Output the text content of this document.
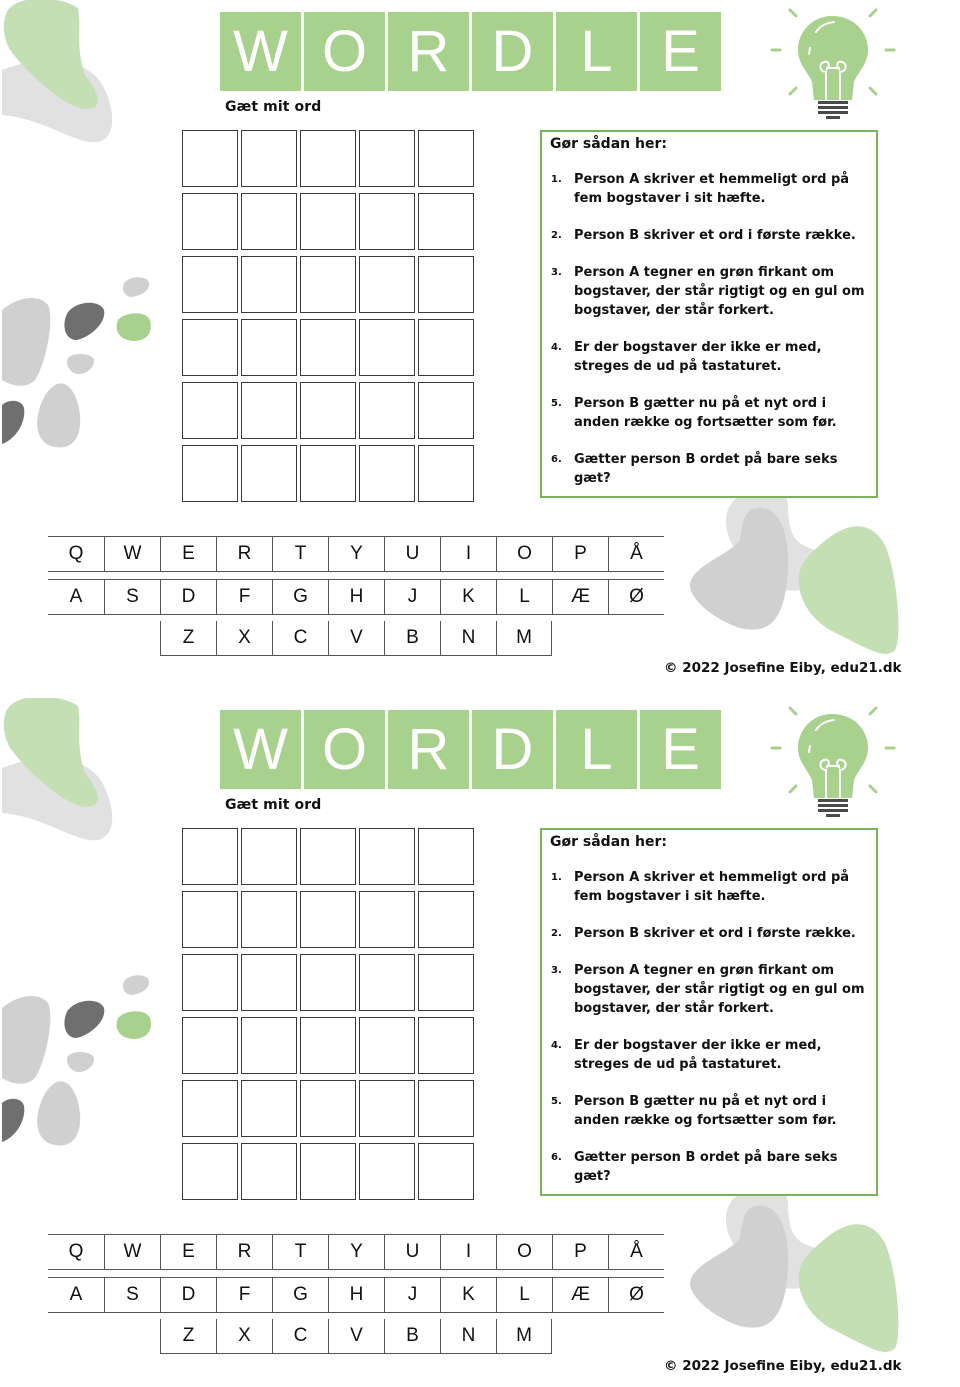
W O R D L E
Gæt mit ord
Gør sådan her:
1. Person A skriver et hemmeligt ord på fem bogstaver i sit hæfte.
2. Person B skriver et ord i første række.
3. Person A tegner en grøn firkant om bogstaver, der står rigtigt og en gul om bogstaver, der står forkert.
4. Er der bogstaver der ikke er med, streges de ud på tastaturet.
5. Person B gætter nu på et nyt ord i anden række og fortsætter som før.
6. Gætter person B ordet på bare seks gæt?
Q	W	E	R	T	Y	U	I	O	P	Å
A	S	D	F	G	H	J	K	L	Æ	Ø
Z	X	C	V	B	N	M
© 2022 Josefine Eiby, edu21.dk
W O R D L E
Gæt mit ord
Gør sådan her:
1. Person A skriver et hemmeligt ord på fem bogstaver i sit hæfte.
2. Person B skriver et ord i første række.
3. Person A tegner en grøn firkant om bogstaver, der står rigtigt og en gul om bogstaver, der står forkert.
4. Er der bogstaver der ikke er med, streges de ud på tastaturet.
5. Person B gætter nu på et nyt ord i anden række og fortsætter som før.
6. Gætter person B ordet på bare seks gæt?
Q	W	E	R	T	Y	U	I	O	P	Å
A	S	D	F	G	H	J	K	L	Æ	Ø
Z	X	C	V	B	N	M
© 2022 Josefine Eiby, edu21.dk
